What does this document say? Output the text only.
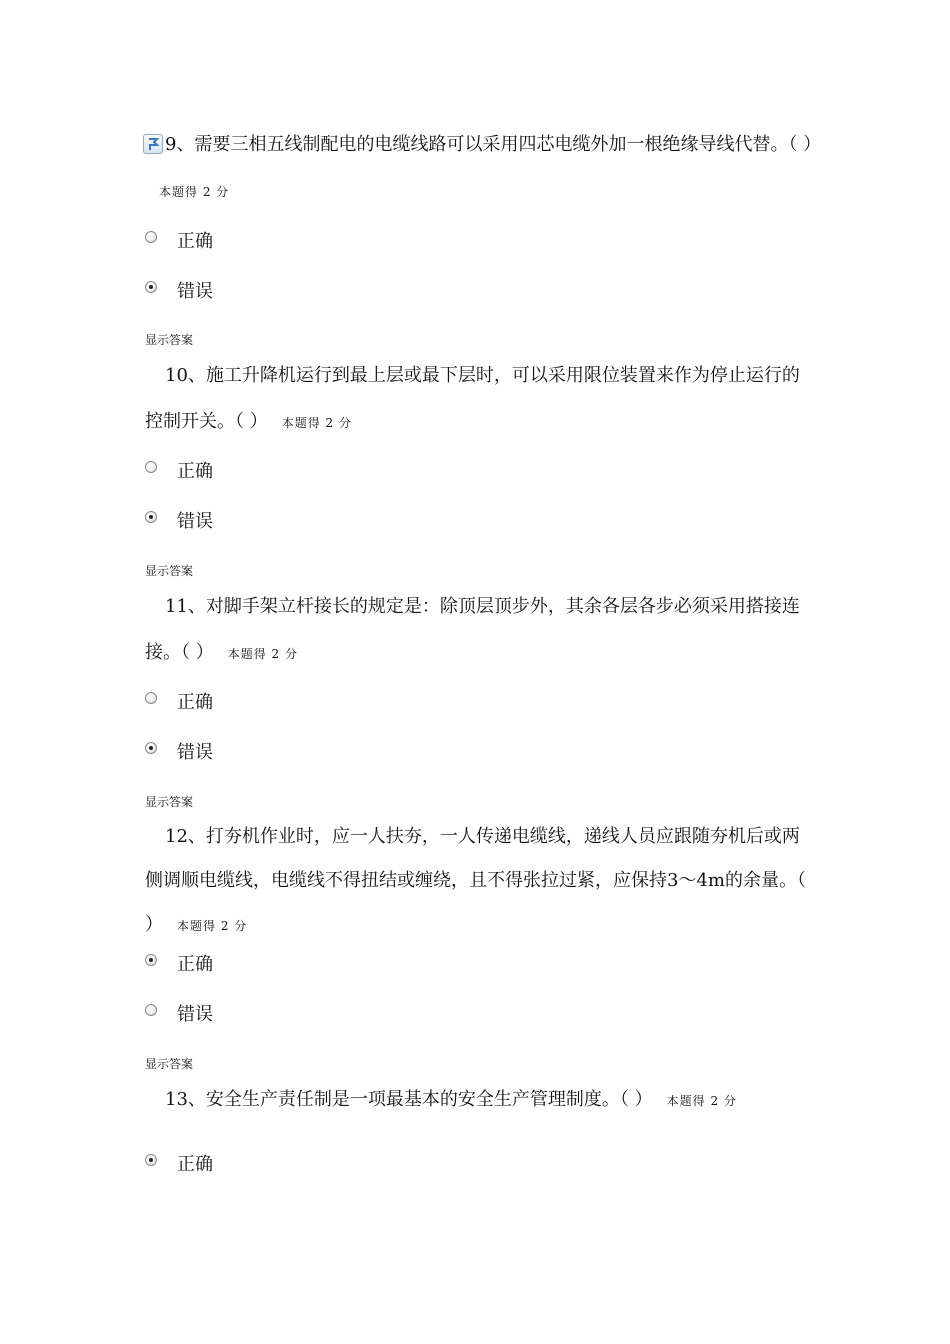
9、需要三相五线制配电的电缆线路可以采用四芯电缆外加一根绝缘导线代替。（ ）本题得 2 分
正确
错误
显示答案
10、施工升降机运行到最上层或最下层时，可以采用限位装置来作为停止运行的控制开关。（ ） 本题得 2 分
正确
错误
显示答案
11、对脚手架立杆接长的规定是：除顶层顶步外，其余各层各步必须采用搭接连接。（ ） 本题得 2 分
正确
错误
显示答案
12、打夯机作业时，应一人扶夯，一人传递电缆线，递线人员应跟随夯机后或两侧调顺电缆线，电缆线不得扭结或缠绕，且不得张拉过紧，应保持3～4m的余量。（ ） 本题得 2 分
正确
错误
显示答案
13、安全生产责任制是一项最基本的安全生产管理制度。（ ） 本题得 2 分
正确
